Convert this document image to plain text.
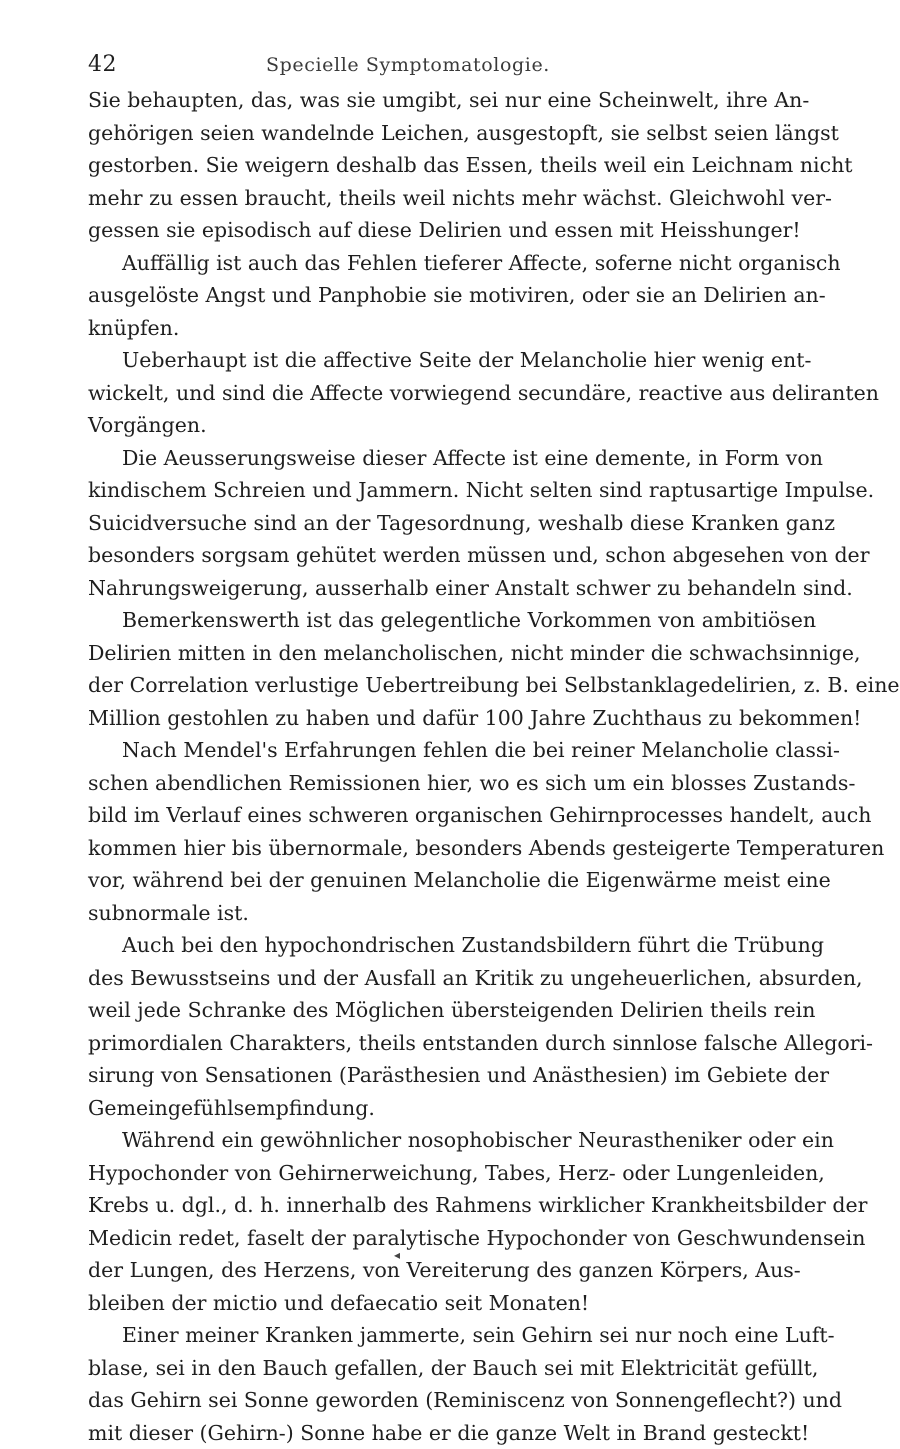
42	Specielle Symptomatologie.
Sie behaupten, das, was sie umgibt, sei nur eine Scheinwelt, ihre An-
gehörigen seien wandelnde Leichen, ausgestopft, sie selbst seien längst
gestorben. Sie weigern deshalb das Essen, theils weil ein Leichnam nicht
mehr zu essen braucht, theils weil nichts mehr wächst. Gleichwohl ver-
gessen sie episodisch auf diese Delirien und essen mit Heisshunger!
Auffällig ist auch das Fehlen tieferer Affecte, soferne nicht organisch
ausgelöste Angst und Panphobie sie motiviren, oder sie an Delirien an-
knüpfen.
Ueberhaupt ist die affective Seite der Melancholie hier wenig ent-
wickelt, und sind die Affecte vorwiegend secundäre, reactive aus deliranten
Vorgängen.
Die Aeusserungsweise dieser Affecte ist eine demente, in Form von
kindischem Schreien und Jammern. Nicht selten sind raptusartige Impulse.
Suicidversuche sind an der Tagesordnung, weshalb diese Kranken ganz
besonders sorgsam gehütet werden müssen und, schon abgesehen von der
Nahrungsweigerung, ausserhalb einer Anstalt schwer zu behandeln sind.
Bemerkenswerth ist das gelegentliche Vorkommen von ambitiösen
Delirien mitten in den melancholischen, nicht minder die schwachsinnige,
der Correlation verlustige Uebertreibung bei Selbstanklagedelirien, z. B. eine
Million gestohlen zu haben und dafür 100 Jahre Zuchthaus zu bekommen!
Nach Mendel's Erfahrungen fehlen die bei reiner Melancholie classi-
schen abendlichen Remissionen hier, wo es sich um ein blosses Zustands-
bild im Verlauf eines schweren organischen Gehirnprocesses handelt, auch
kommen hier bis übernormale, besonders Abends gesteigerte Temperaturen
vor, während bei der genuinen Melancholie die Eigenwärme meist eine
subnormale ist.
Auch bei den hypochondrischen Zustandsbildern führt die Trübung
des Bewusstseins und der Ausfall an Kritik zu ungeheuerlichen, absurden,
weil jede Schranke des Möglichen übersteigenden Delirien theils rein
primordialen Charakters, theils entstanden durch sinnlose falsche Allegori-
sirung von Sensationen (Parästhesien und Anästhesien) im Gebiete der
Gemeingefühlsempfindung.
Während ein gewöhnlicher nosophobischer Neurastheniker oder ein
Hypochonder von Gehirnerweichung, Tabes, Herz- oder Lungenleiden,
Krebs u. dgl., d. h. innerhalb des Rahmens wirklicher Krankheitsbilder der
Medicin redet, faselt der paralytische Hypochonder von Geschwundensein
der Lungen, des Herzens, von Vereiterung des ganzen Körpers, Aus-
bleiben der mictio und defaecatio seit Monaten!
Einer meiner Kranken jammerte, sein Gehirn sei nur noch eine Luft-
blase, sei in den Bauch gefallen, der Bauch sei mit Elektricität gefüllt,
das Gehirn sei Sonne geworden (Reminiscenz von Sonnengeflecht?) und
mit dieser (Gehirn-) Sonne habe er die ganze Welt in Brand gesteckt!
◂
